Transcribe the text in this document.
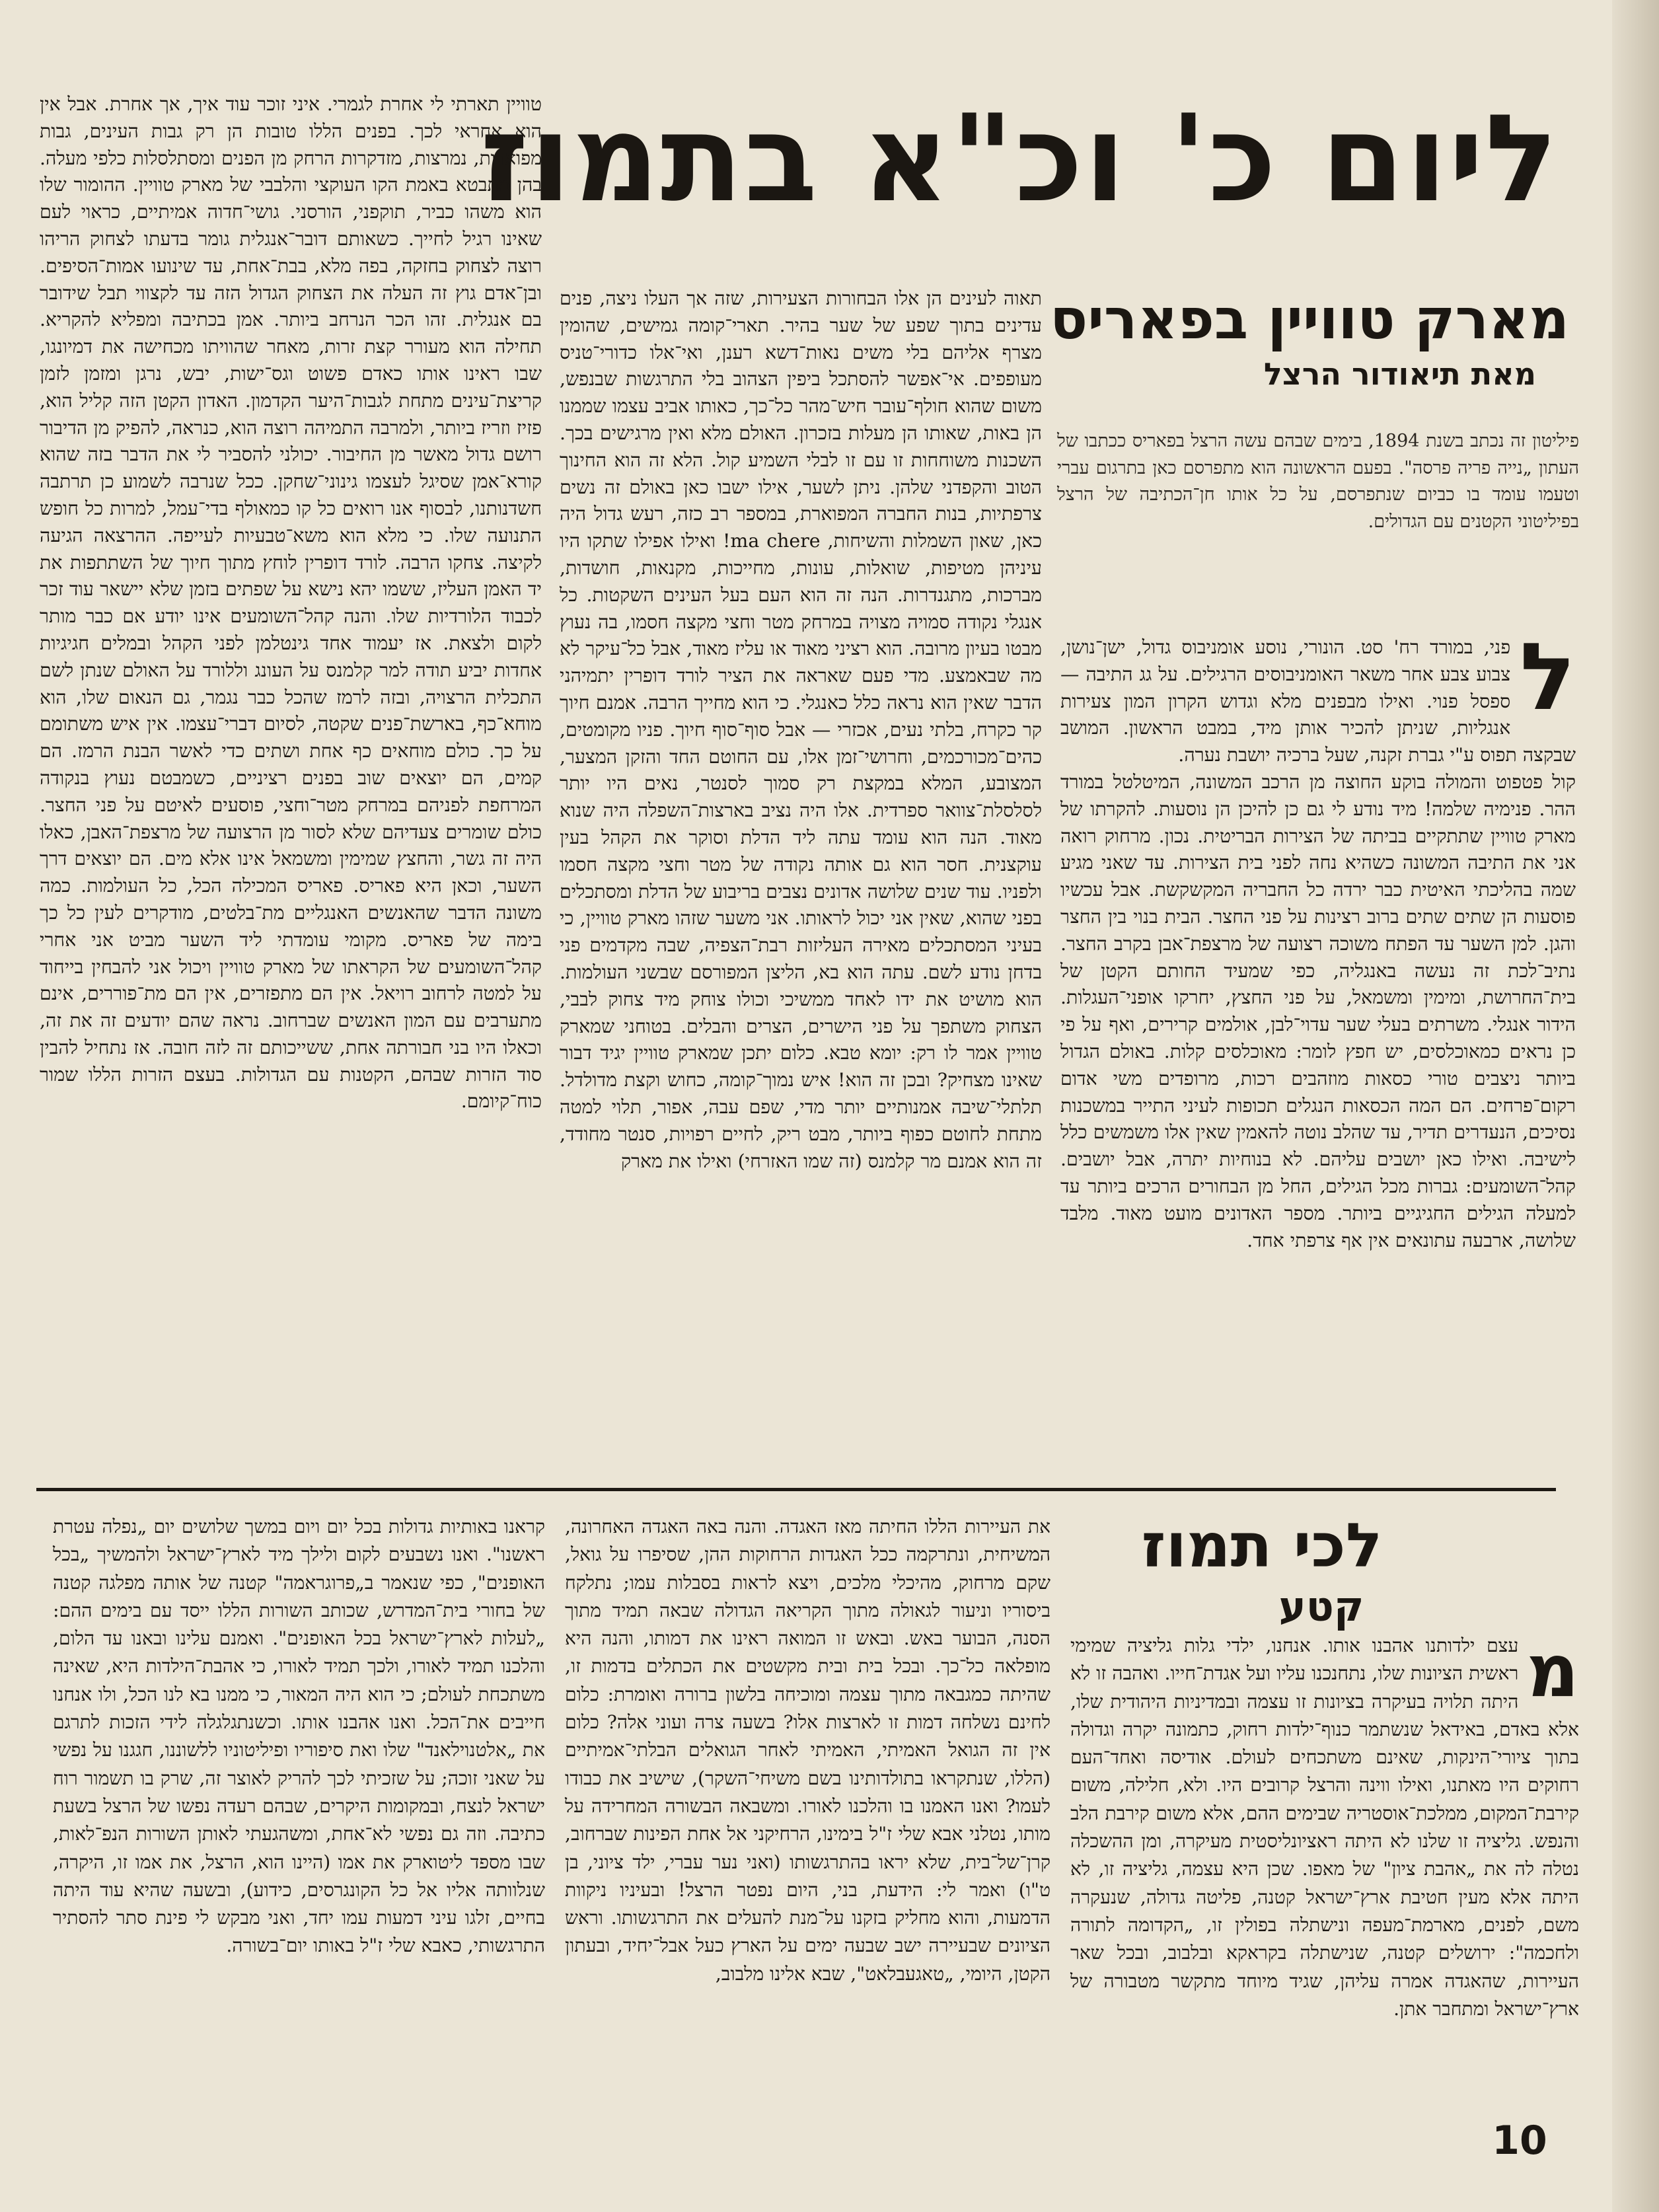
ליום כ' וכ"א בתמוז
מארק טוויין בפאריס
מאת תיאודור הרצל
פיליטון זה נכתב בשנת 1894, בימים שבהם עשה הרצל בפאריס ככתבו של העתון „נייה פריה פרסה". בפעם הראשונה הוא מתפרסם כאן בתרגום עברי וטעמו עומד בו כביום שנתפרסם, על כל אותו חן־הכתיבה של הרצל בפיליטוני הקטנים עם הגדולים.
ל

פני, במורד רח' סט. הונורי, נוסע אומניבוס גדול, ישן־נושן, צבוע צבע אחר משאר האומניבוסים הרגילים. על גג התיבה — ספסל פנוי. ואילו מבפנים מלא וגדוש הקרון המון צעירות אנגליות, שניתן להכיר אותן מיד, במבט הראשון. המושב שבקצה תפוס ע"י גברת זקנה, שעל ברכיה יושבת נערה.

קול פטפוט והמולה בוקע החוצה מן הרכב המשונה, המיטלטל במורד ההר. פנימיה שלמה! מיד נודע לי גם כן להיכן הן נוסעות. להקרתו של מארק טוויין שתתקיים בביתה של הצירות הבריטית. נכון. מרחוק רואה אני את התיבה המשונה כשהיא נחה לפני בית הצירות. עד שאני מגיע שמה בהליכתי האיטית כבר ירדה כל החבריה המקשקשת. אבל עכשיו פוסעות הן שתים שתים ברוב רצינות על פני החצר. הבית בנוי בין החצר והגן. למן השער עד הפתח משוכה רצועה של מרצפת־אבן בקרב החצר. נתיב־לכת זה נעשה באנגליה, כפי שמעיד החותם הקטן של בית־החרושת, ומימין ומשמאל, על פני החצץ, יחרקו אופני־העגלות. הידור אנגלי. משרתים בעלי שער עדוי־לבן, אולמים קרירים, ואף על פי כן נראים כמאוכלסים, יש חפץ לומר: מאוכלסים קלות. באולם הגדול ביותר ניצבים טורי כסאות מוזהבים רכות, מרופדים משי אדום רקום־פרחים. הם המה הכסאות הנגלים תכופות לעיני התייר במשכנות נסיכים, הנעדרים תדיר, עד שהלב נוטה להאמין שאין אלו משמשים כלל לישיבה. ואילו כאן יושבים עליהם. לא בנוחיות יתרה, אבל יושבים. קהל־השומעים: גברות מכל הגילים, החל מן הבחורים הרכים ביותר עד למעלה הגילים החגיגיים ביותר. מספר האדונים מועט מאוד. מלבד שלושה, ארבעה עתונאים אין אף צרפתי אחד.

תאוה לעינים הן אלו הבחורות הצעירות, שזה אך העלו ניצה, פנים עדינים בתוך שפע של שער בהיר. תארי־קומה גמישים, שהומין מצרף אליהם בלי משים נאות־דשא רענן, ואי־אלו כדורי־טניס מעופפים. אי־אפשר להסתכל ביפין הצהוב בלי התרגשות שבנפש, משום שהוא חולף־עובר חיש־מהר כל־כך, כאותו אביב עצמו שממנו הן באות, שאותו הן מעלות בזכרון. האולם מלא ואין מרגישים בכך. השכנות משוחחות זו עם זו לבלי השמיע קול. הלא זה הוא החינוך הטוב והקפדני שלהן. ניתן לשער, אילו ישבו כאן באולם זה נשים צרפתיות, בנות החברה המפוארת, במספר רב כזה, רעש גדול היה כאן, שאון השמלות והשיחות, ma chere! ואילו אפילו שתקו היו עיניהן מטיפות, שואלות, עונות, מחייכות, מקנאות, חושדות, מברכות, מתגנדרות. הנה זה הוא העם בעל העינים השקטות. כל אנגלי נקודה סמויה מצויה במרחק מטר וחצי מקצה חסמו, בה נעוץ מבטו בעיון מרובה. הוא רציני מאוד או עליז מאוד, אבל כל־עיקר לא מה שבאמצע. מדי פעם שאראה את הציר לורד דופרין יתמיהני הדבר שאין הוא נראה כלל כאנגלי. כי הוא מחייך הרבה. אמנם חיוך קר כקרח, בלתי נעים, אכזרי — אבל סוף־סוף חיוך. פניו מקומטים, כהים־מכורכמים, וחרושי־זמן אלו, עם החוטם החד והזקן המצער, המצובע, המלא במקצת רק סמוך לסנטר, נאים היו יותר לסלסלת־צוואר ספרדית. אלו היה נציב בארצות־השפלה היה שנוא מאוד. הנה הוא עומד עתה ליד הדלת וסוקר את הקהל בעין עוקצנית. חסר הוא גם אותה נקודה של מטר וחצי מקצה חסמו ולפניו. עוד שנים שלושה אדונים נצבים בריבוע של הדלת ומסתכלים בפני שהוא, שאין אני יכול לראותו. אני משער שזהו מארק טוויין, כי בעיני המסתכלים מאירה העליזות רבת־הצפיה, שבה מקדמים פני בדחן נודע לשם. עתה הוא בא, הליצן המפורסם שבשני העולמות. הוא מושיט את ידו לאחד ממשיכי וכולו צוחק מיד צחוק לבבי, הצחוק משתפך על פני הישרים, הצרים והבלים. בטוחני שמארק טוויין אמר לו רק: יומא טבא. כלום יתכן שמארק טוויין יגיד דבור שאינו מצחיק? ובכן זה הוא! איש נמוך־קומה, כחוש וקצת מדולדל. תלתלי־שיבה אמנותיים יותר מדי, שפם עבה, אפור, תלוי למטה מתחת לחוטם כפוף ביותר, מבט ריק, לחיים רפויות, סנטר מחודד, זה הוא אמנם מר קלמנס (זה שמו האזרחי) ואילו את מארק

טוויין תארתי לי אחרת לגמרי. איני זוכר עוד איך, אך אחרת. אבל אין הוא אחראי לכך. בפנים הללו טובות הן רק גבות העינים, גבות מפוארות, נמרצות, מזדקרות הרחק מן הפנים ומסתלסלות כלפי מעלה. בהן מתבטא באמת הקו העוקצי והלבבי של מארק טוויין. ההומור שלו הוא משהו כביר, תוקפני, הורסני. גושי־חדוה אמיתיים, כראוי לעם שאינו רגיל לחייך. כשאותם דובר־אנגלית גומר בדעתו לצחוק הריהו רוצה לצחוק בחזקה, בפה מלא, בבת־אחת, עד שינועו אמות־הסיפים. ובן־אדם גוץ זה העלה את הצחוק הגדול הזה עד לקצווי תבל שידובר בם אנגלית. זהו הכר הנרחב ביותר. אמן בכתיבה ומפליא להקריא. תחילה הוא מעורר קצת זרות, מאחר שהוויתו מכחישה את דמיונגו, שבו ראינו אותו כאדם פשוט וגס־ישות, יבש, נרגן ומזמן לזמן קריצת־עינים מתחת לגבות־היער הקדמון. האדון הקטן הזה קליל הוא, פזיז וזריז ביותר, ולמרבה התמיהה רוצה הוא, כנראה, להפיק מן הדיבור רושם גדול מאשר מן החיבור. יכולני להסביר לי את הדבר בזה שהוא קורא־אמן שסיגל לעצמו גינוני־שחקן. ככל שנרבה לשמוע כן תרתבה חשדנותנו, לבסוף אנו רואים כל קו כמאולף בדי־עמל, למרות כל חופש התנועה שלו. כי מלא הוא משא־טבעיות לעייפה. ההרצאה הגיעה לקיצה. צחקו הרבה. לורד דופרין לוחץ מתוך חיוך של השתתפות את יד האמן העליז, ששמו יהא נישא על שפתים בזמן שלא יישאר עוד זכר לכבוד הלורדיות שלו. והנה קהל־השומעים אינו יודע אם כבר מותר לקום ולצאת. אז יעמוד אחד גינטלמן לפני הקהל ובמלים חגיגיות אחדות יביע תודה למר קלמנס על העונג וללורד על האולם שנתן לשם התכלית הרצויה, ובזה לרמז שהכל כבר נגמר, גם הנאום שלו, הוא מוחא־כף, בארשת־פנים שקטה, לסיום דברי־עצמו. אין איש משתומם על כך. כולם מוחאים כף אחת ושתים כדי לאשר הבנת הרמז. הם קמים, הם יוצאים שוב בפנים רציניים, כשמבטם נעוץ בנקודה המרחפת לפניהם במרחק מטר־וחצי, פוסעים לאיטם על פני החצר. כולם שומרים צעדיהם שלא לסור מן הרצועה של מרצפת־האבן, כאלו היה זה גשר, והחצץ שמימין ומשמאל אינו אלא מים. הם יוצאים דרך השער, וכאן היא פאריס. פאריס המכילה הכל, כל העולמות. כמה משונה הדבר שהאנשים האנגליים מת־בלטים, מודקרים לעין כל כך בימה של פאריס. מקומי עומדתי ליד השער מביט אני אחרי קהל־השומעים של הקראתו של מארק טוויין ויכול אני להבחין בייחוד על למטה לרחוב רויאל. אין הם מתפזרים, אין הם מת־פוררים, אינם מתערבים עם המון האנשים שברחוב. נראה שהם יודעים זה את זה, וכאלו היו בני חבורתה אחת, ששייכותם זה לזה חובה. אז נתחיל להבין סוד הזרות שבהם, הקטנות עם הגדולות. בעצם הזרות הללו שמור כוח־קיומם.

לכי תמוז
קטע
מ

עצם ילדותנו אהבנו אותו. אנחנו, ילדי גלות גליציה שמימי ראשית הציונות שלו, נתחנכנו עליו ועל אגדת־חייו. ואהבה זו לא היתה תלויה בעיקרה בציונות זו עצמה ובמדיניות היהודית שלו, אלא באדם, באידאל שנשתמר כנוף־ילדות רחוק, כתמונה יקרה וגדולה בתוך ציורי־הינקות, שאינם משתכחים לעולם. אודיסה ואחד־העם רחוקים היו מאתנו, ואילו ווינה והרצל קרובים היו. ולא, חלילה, משום קירבת־המקום, ממלכת־אוסטריה שבימים ההם, אלא משום קירבת הלב והנפש. גליציה זו שלנו לא היתה ראציונליסטית מעיקרה, ומן ההשכלה נטלה לה את „אהבת ציון" של מאפו. שכן היא עצמה, גליציה זו, לא היתה אלא מעין חטיבת ארץ־ישראל קטנה, פליטה גדולה, שנעקרה משם, לפנים, מארמת־מעפה ונישתלה בפולין זו, „הקדומה לתורה ולחכמה": ירושלים קטנה, שנישתלה בקראקא ובלבוב, ובכל שאר העיירות, שהאגדה אמרה עליהן, שגיד מיוחד מתקשר מטבורה של ארץ־ישראל ומתחבר אתן.

את העיירות הללו החיתה מאז האגדה. והנה באה האגדה האחרונה, המשיחית, ונתרקמה ככל האגדות הרחוקות ההן, שסיפרו על גואל, שקם מרחוק, מהיכלי מלכים, ויצא לראות בסבלות עמו; נתלקח ביסוריו וניעור לגאולה מתוך הקריאה הגדולה שבאה תמיד מתוך הסנה, הבוער באש. ובאש זו המואה ראינו את דמותו, והנה היא מופלאה כל־כך. ובכל בית ובית מקשטים את הכתלים בדמות זו, שהיתה כמגבאה מתוך עצמה ומוכיחה בלשון ברורה ואומרת: כלום לחינם נשלחה דמות זו לארצות אלו? בשעה צרה ועוני אלה? כלום אין זה הגואל האמיתי, האמיתי לאחר הגואלים הבלתי־אמיתיים (הללו, שנתקראו בתולדותינו בשם משיחי־השקר), שישיב את כבודו לעמו? ואנו האמנו בו והלכנו לאורו. ומשבאה הבשורה המחרידה על מותו, נטלני אבא שלי ז"ל בימינו, הרחיקני אל אחת הפינות שברחוב, קרן־של־בית, שלא יראו בהתרגשותו (ואני נער עברי, ילד ציוני, בן ט"ו) ואמר לי: הידעת, בני, היום נפטר הרצל! ובעיניו ניקוות הדמעות, והוא מחליק בזקנו על־מנת להעלים את התרגשותו. וראש הציונים שבעיירה ישב שבעה ימים על הארץ כעל אבל־יחיד, ובעתון הקטן, היומי, „טאגעבלאט", שבא אלינו מלבוב,

קראנו באותיות גדולות בכל יום ויום במשך שלושים יום „נפלה עטרת ראשנו". ואנו נשבעים לקום ולילך מיד לארץ־ישראל ולהמשיך „בכל האופנים", כפי שנאמר ב„פרוגראמה" קטנה של אותה מפלגה קטנה של בחורי בית־המדרש, שכותב השורות הללו ייסד עם בימים ההם: „לעלות לארץ־ישראל בכל האופנים". ואמנם עלינו ובאנו עד הלום, והלכנו תמיד לאורו, ולכך תמיד לאורו, כי אהבת־הילדות היא, שאינה משתכחת לעולם; כי הוא היה המאור, כי ממנו בא לנו הכל, ולו אנחנו חייבים את־הכל. ואנו אהבנו אותו. וכשנתגלגלה לידי הזכות לתרגם את „אלטנוילאנד" שלו ואת סיפוריו ופיליטוניו ללשוננו, חגגנו על נפשי על שאני זוכה; על שזכיתי לכך להריק לאוצר זה, שרק בו תשמור רוח ישראל לנצח, ובמקומות היקרים, שבהם רעדה נפשו של הרצל בשעת כתיבה. וזה גם נפשי לא־אחת, ומשהגעתי לאותן השורות הנפ־לאות, שבו מספד ליטוארק את אמו (היינו הוא, הרצל, את אמו זו, היקרה, שנלוותה אליו אל כל הקונגרסים, כידוע), ובשעה שהיא עוד היתה בחיים, זלגו עיני דמעות עמו יחד, ואני מבקש לי פינת סתר להסתיר התרגשותי, כאבא שלי ז"ל באותו יום־בשורה.

10
